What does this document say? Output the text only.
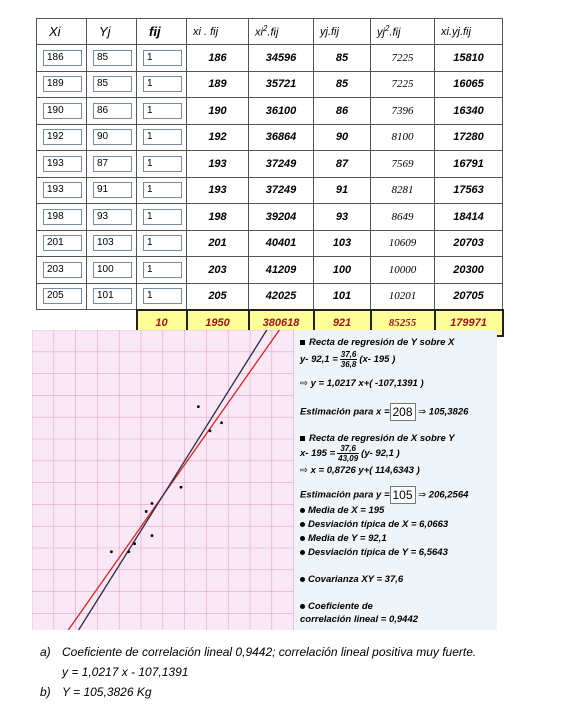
Xi	Yj	fij	xi . fij	$xi^2.fij$	yj.fij	$yj^2.fij$	xi.yj.fij

186	85	1	186	34596	85	7225	15810

189	85	1	189	35721	85	7225	16065

190	86	1	190	36100	86	7396	16340

192	90	1	192	36864	90	8100	17280

193	87	1	193	37249	87	7569	16791

193	91	1	193	37249	91	8281	17563

198	93	1	198	39204	93	8649	18414

201	103	1	201	40401	103	10609	20703

203	100	1	203	41209	100	10000	20300

205	101	1	205	42025	101	10201	20705
		10	1950	380618	921	85255	179971
Recta de regresión de Y sobre X
y- $92,1 = \frac{37,6}{36,8} (x-$ 195 )
⇨ y = 1,0217 x+( -107,1391 )
Estimación para x = 208 ⇒ 105,3826
Recta de regresión de X sobre Y
x- $195 = \frac{37,6}{43,09} (y-$ 92,1 )
⇨ x = 0,8726 y+( 114,6343 )
Estimación para y = 105 ⇒ 206,2564
Media de X = 195
Desviación típica de X = 6,0663
Media de Y = 92,1
Desviación típica de Y = 6,5643
Covarianza XY = 37,6
Coeficiente de
correlación lineal = 0,9442
a) Coeficiente de correlación lineal 0,9442; correlación lineal positiva muy fuerte.
y = 1,0217 x - 107,1391
b) Y = 105,3826 Kg
